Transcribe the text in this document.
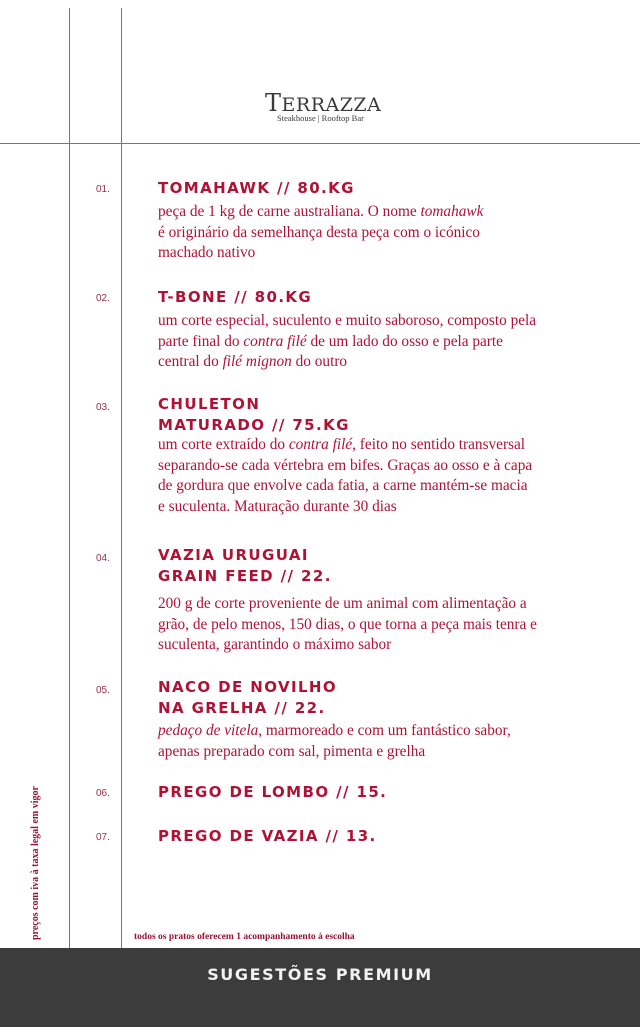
TERRAZZA
Steakhouse | Rooftop Bar
01.	TOMAHAWK // 80.KG
peça de 1 kg de carne australiana. O nome tomahawk
é originário da semelhança desta peça com o icónico
machado nativo
02.	T-BONE // 80.KG
um corte especial, suculento e muito saboroso, composto pela
parte final do contra filé de um lado do osso e pela parte
central do filé mignon do outro
03.	CHULETON
MATURADO // 75.KG
um corte extraído do contra filé, feito no sentido transversal
separando-se cada vértebra em bifes. Graças ao osso e à capa
de gordura que envolve cada fatia, a carne mantém-se macia
e suculenta. Maturação durante 30 dias
04.	VAZIA URUGUAI
GRAIN FEED // 22.
200 g de corte proveniente de um animal com alimentação a
grão, de pelo menos, 150 dias, o que torna a peça mais tenra e
suculenta, garantindo o máximo sabor
05.	NACO DE NOVILHO
NA GRELHA // 22.
pedaço de vitela, marmoreado e com um fantástico sabor,
apenas preparado com sal, pimenta e grelha
06.	PREGO DE LOMBO // 15.
07.	PREGO DE VAZIA // 13.
preços com iva à taxa legal em vigor	todos os pratos oferecem 1 acompanhamento à escolha
SUGESTÕES PREMIUM
